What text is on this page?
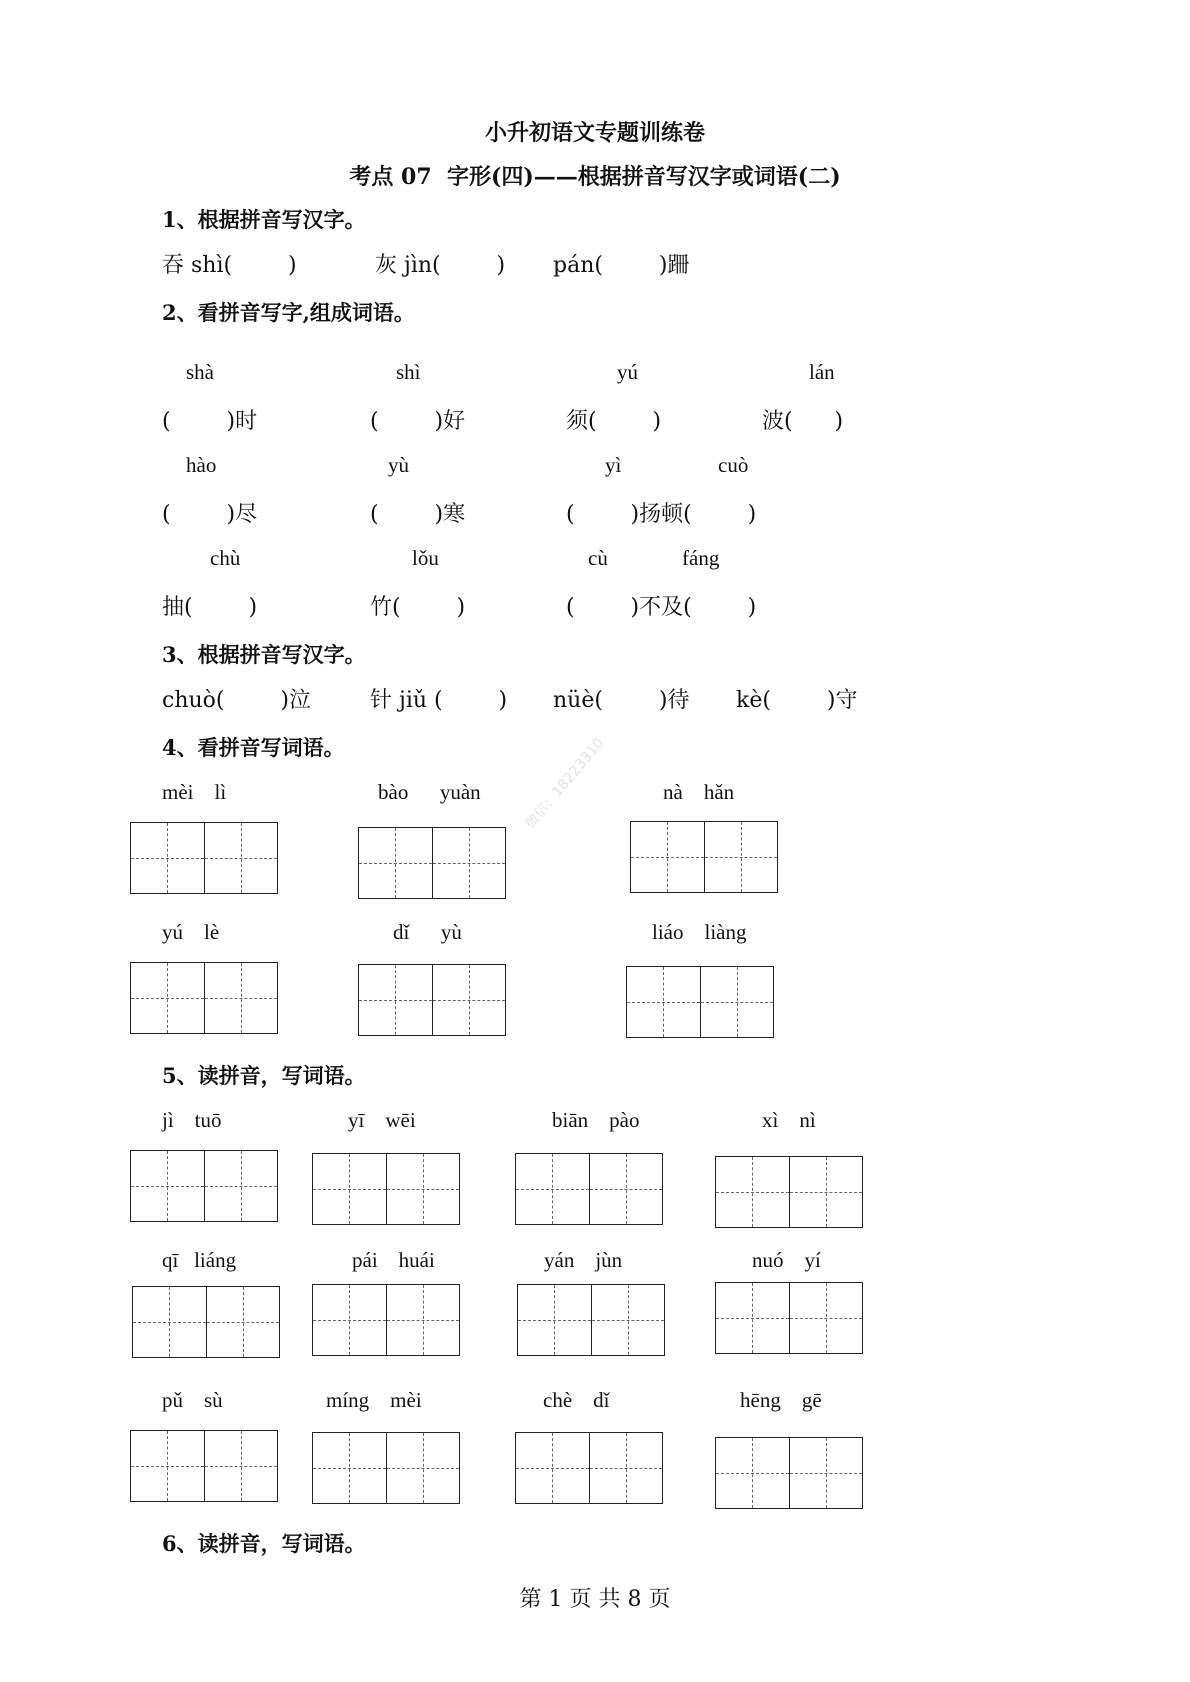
小升初语文专题训练卷
考点 07  字形(四)——根据拼音写汉字或词语(二)
1、根据拼音写汉字。
吞 shì(        )	灰 jìn(        ) pán(        )跚
2、看拼音写字,组成词语。
shà	shì	yú	lán
(        )时	(        )好	须(        )	波(      )
hào	yù	yì	cuò
(        )尽	(        )寒	(        )扬顿(        )
chù	lǒu	cù	fáng
抽(        )	竹(        )	(        )不及(        )
3、根据拼音写汉字。
chuò(        )泣	针 jiǔ (        ) nüè(        )待 kè(        )守
4、看拼音写词语。
mèi    lì	bào      yuàn	nà    hǎn
yú    lè	dǐ      yù	liáo    liàng
5、读拼音，写词语。
jì    tuō	yī    wēi	biān    pào	xì    nì
qī   liáng	pái    huái	yán    jùn	nuó    yí
pǔ    sù	míng    mèi	chè    dǐ	hēng    gē
6、读拼音，写词语。
第 1 页 共 8 页
微信：18223310
